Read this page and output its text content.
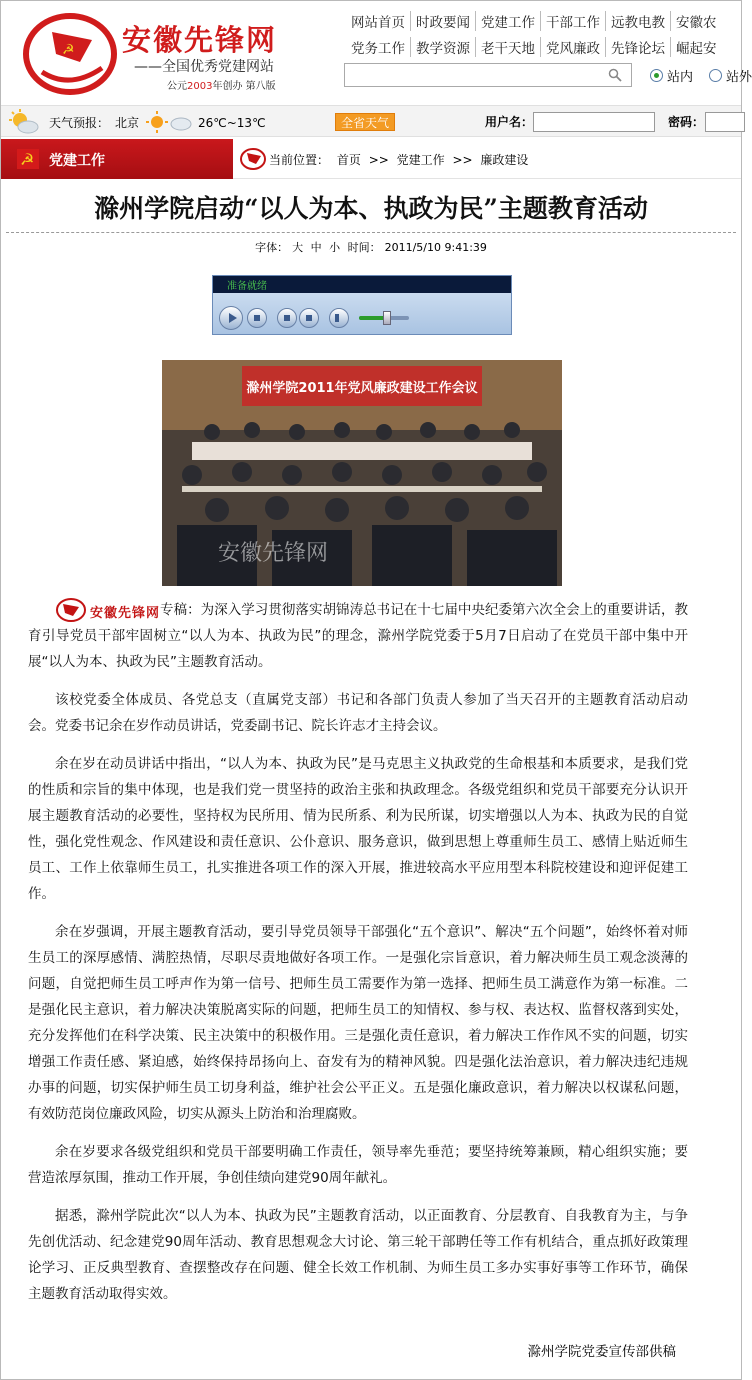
☭ 安徽先锋网
——全国优秀党建网站
公元2003年创办 第八版
网站首页 时政要闻 党建工作 干部工作 远教电教 安徽农
党务工作 教学资源 老干天地 党风廉政 先锋论坛 崛起安
站内	站外
天气预报： 北京	26℃~13℃	全省天气	用户名：	密码：
☭ 党建工作	当前位置： 首页 >> 党建工作 >> 廉政建设
滁州学院启动“以人为本、执政为民”主题教育活动
字体： 大 中 小 时间： 2011/5/10 9:41:39
准备就绪
滁州学院2011年党风廉政建设工作会议
安徽先锋网

安徽先锋网 专稿：为深入学习贯彻落实胡锦涛总书记在十七届中央纪委第六次全会上的重要讲话，教育引导党员干部牢固树立“以人为本、执政为民”的理念，滁州学院党委于5月7日启动了在党员干部中集中开展“以人为本、执政为民”主题教育活动。

该校党委全体成员、各党总支（直属党支部）书记和各部门负责人参加了当天召开的主题教育活动启动会。党委书记余在岁作动员讲话，党委副书记、院长许志才主持会议。

余在岁在动员讲话中指出，“以人为本、执政为民”是马克思主义执政党的生命根基和本质要求，是我们党的性质和宗旨的集中体现，也是我们党一贯坚持的政治主张和执政理念。各级党组织和党员干部要充分认识开展主题教育活动的必要性，坚持权为民所用、情为民所系、利为民所谋，切实增强以人为本、执政为民的自觉性，强化党性观念、作风建设和责任意识、公仆意识、服务意识，做到思想上尊重师生员工、感情上贴近师生员工、工作上依靠师生员工，扎实推进各项工作的深入开展，推进较高水平应用型本科院校建设和迎评促建工作。

余在岁强调，开展主题教育活动，要引导党员领导干部强化“五个意识”、解决“五个问题”，始终怀着对师生员工的深厚感情、满腔热情，尽职尽责地做好各项工作。一是强化宗旨意识，着力解决师生员工观念淡薄的问题，自觉把师生员工呼声作为第一信号、把师生员工需要作为第一选择、把师生员工满意作为第一标准。二是强化民主意识，着力解决决策脱离实际的问题，把师生员工的知情权、参与权、表达权、监督权落到实处，充分发挥他们在科学决策、民主决策中的积极作用。三是强化责任意识，着力解决工作作风不实的问题，切实增强工作责任感、紧迫感，始终保持昂扬向上、奋发有为的精神风貌。四是强化法治意识，着力解决违纪违规办事的问题，切实保护师生员工切身利益，维护社会公平正义。五是强化廉政意识，着力解决以权谋私问题，有效防范岗位廉政风险，切实从源头上防治和治理腐败。

余在岁要求各级党组织和党员干部要明确工作责任，领导率先垂范；要坚持统筹兼顾，精心组织实施；要营造浓厚氛围，推动工作开展，争创佳绩向建党90周年献礼。

据悉，滁州学院此次“以人为本、执政为民”主题教育活动，以正面教育、分层教育、自我教育为主，与争先创优活动、纪念建党90周年活动、教育思想观念大讨论、第三轮干部聘任等工作有机结合，重点抓好政策理论学习、正反典型教育、查摆整改存在问题、健全长效工作机制、为师生员工多办实事好事等工作环节，确保主题教育活动取得实效。

滁州学院党委宣传部供稿
